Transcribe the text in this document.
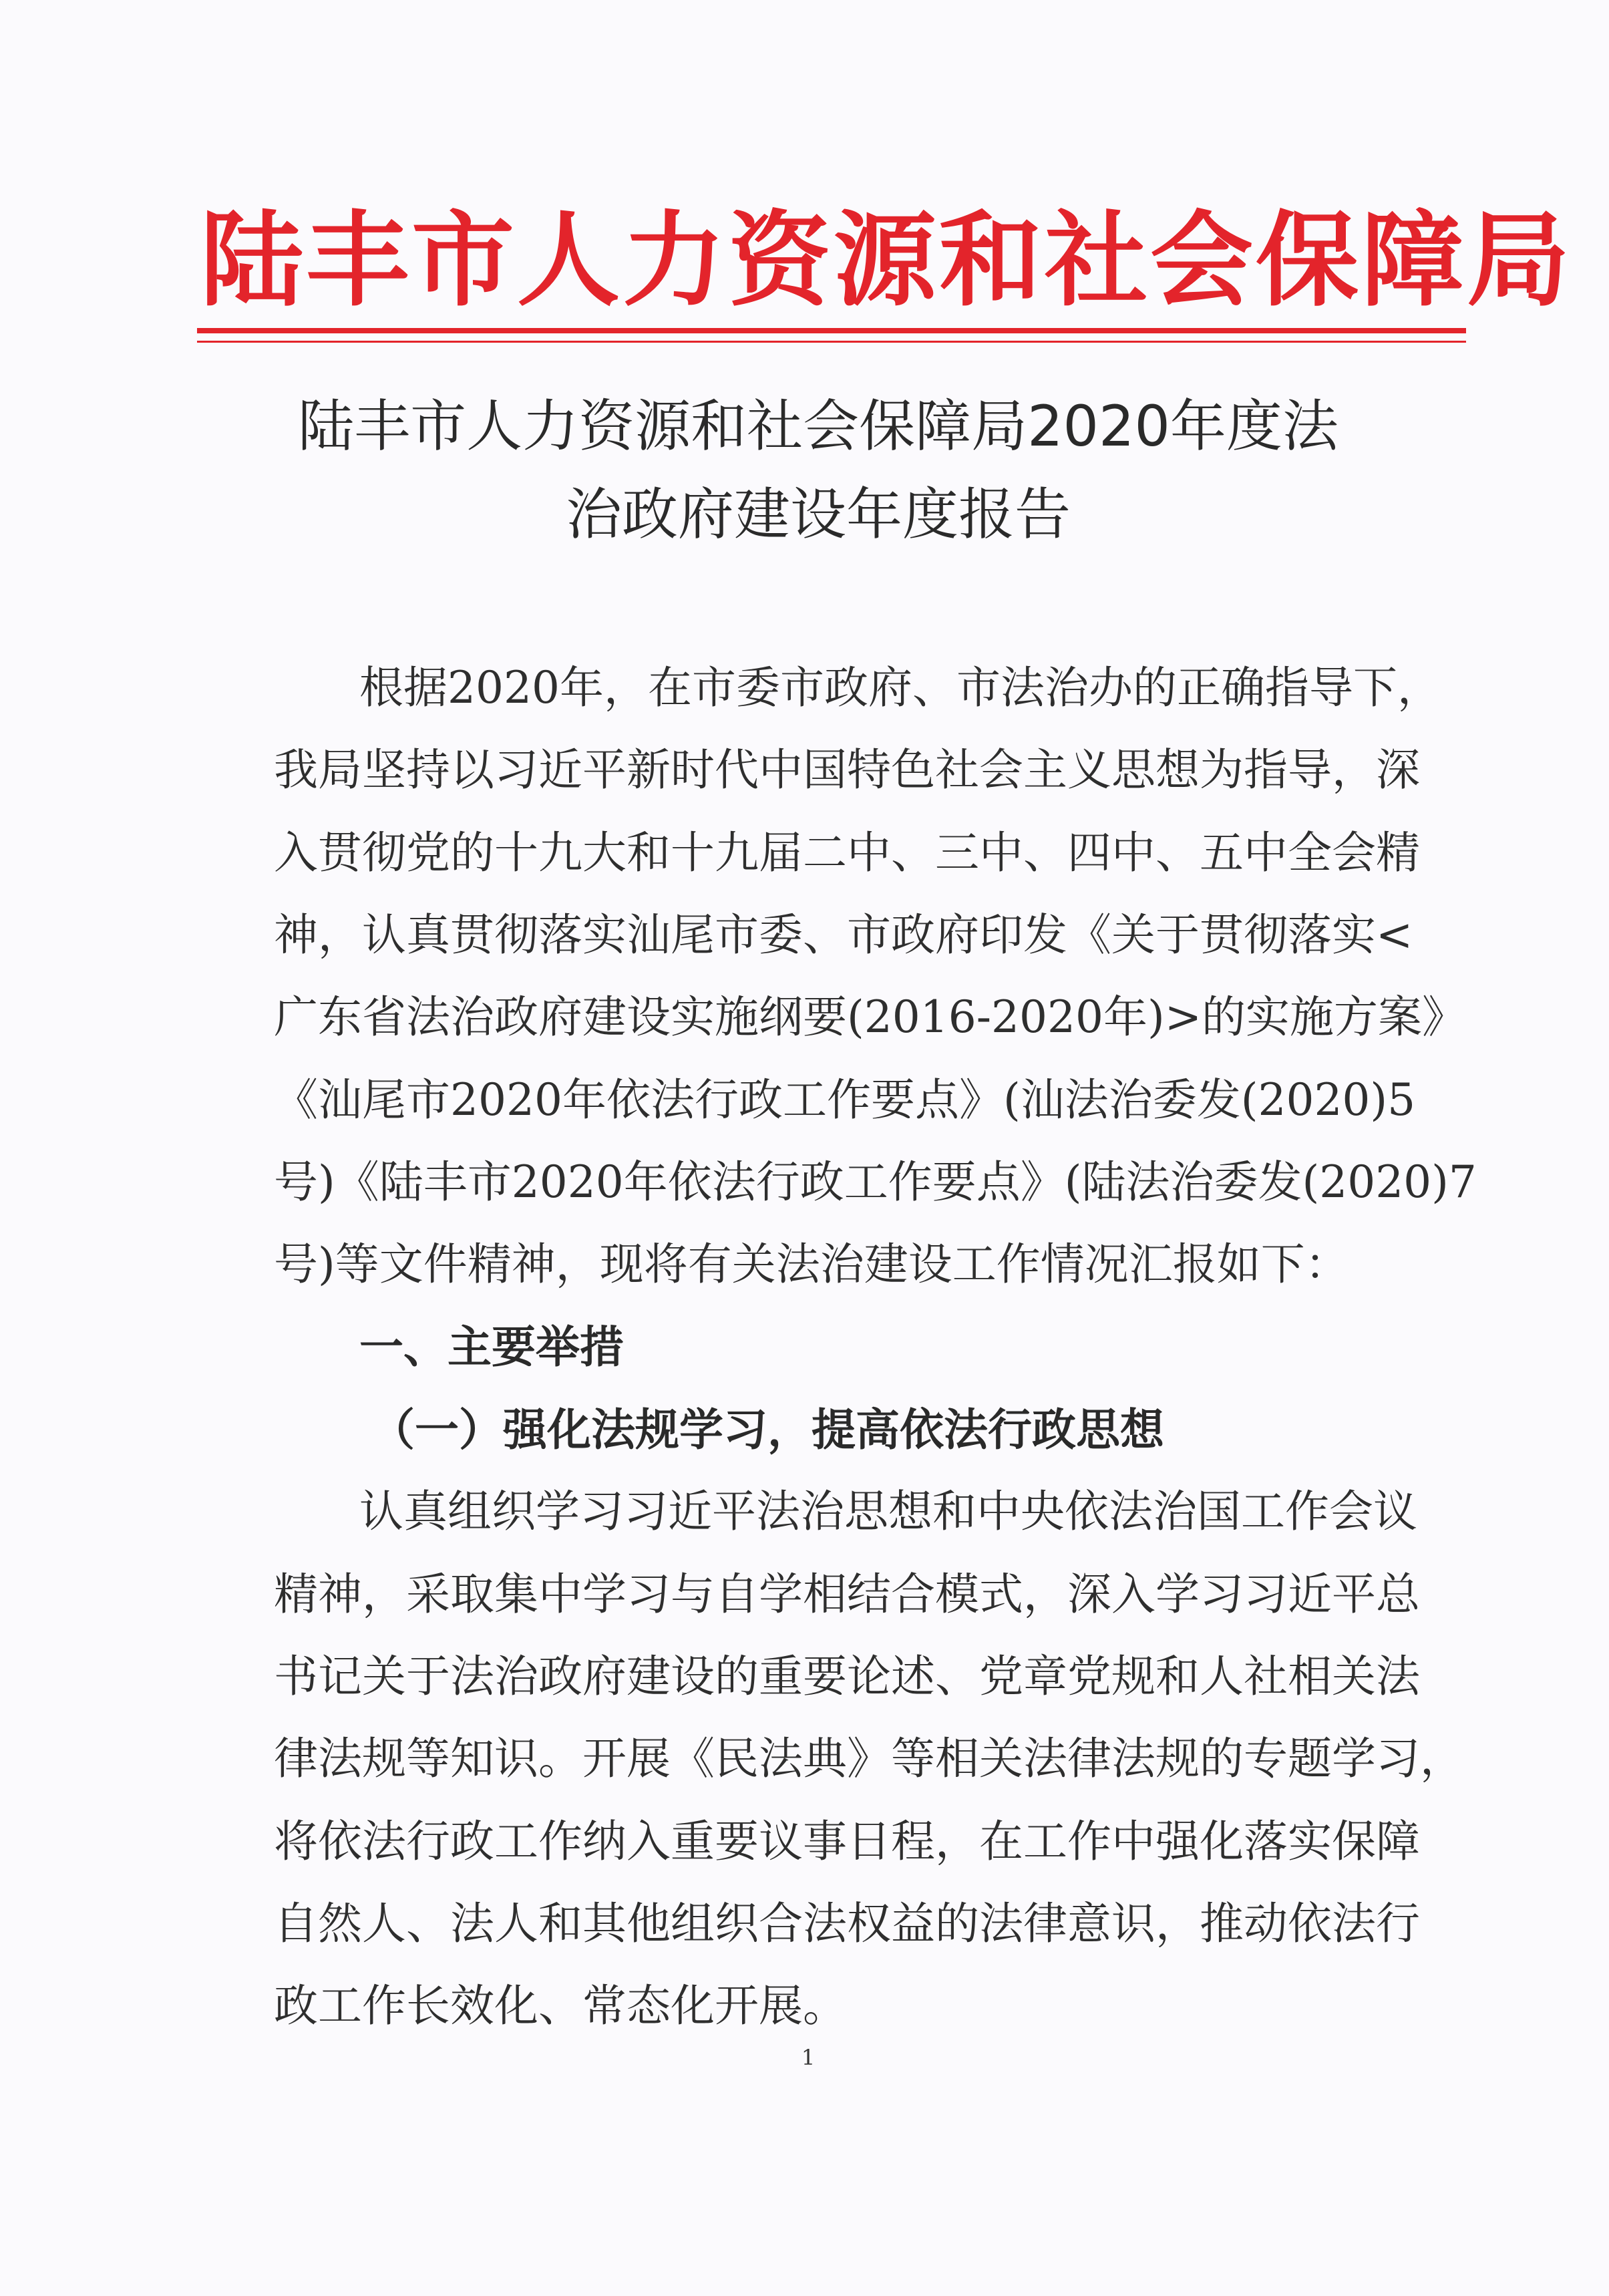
陆丰市人力资源和社会保障局
陆丰市人力资源和社会保障局2020年度法
治政府建设年度报告
根据2020年，在市委市政府、市法治办的正确指导下，
我局坚持以习近平新时代中国特色社会主义思想为指导，深
入贯彻党的十九大和十九届二中、三中、四中、五中全会精
神，认真贯彻落实汕尾市委、市政府印发《关于贯彻落实<
广东省法治政府建设实施纲要(2016-2020年)>的实施方案》
《汕尾市2020年依法行政工作要点》(汕法治委发(2020)5
号)《陆丰市2020年依法行政工作要点》(陆法治委发(2020)7
号)等文件精神，现将有关法治建设工作情况汇报如下：
一、主要举措
（一）强化法规学习，提高依法行政思想
认真组织学习习近平法治思想和中央依法治国工作会议
精神，采取集中学习与自学相结合模式，深入学习习近平总
书记关于法治政府建设的重要论述、党章党规和人社相关法
律法规等知识。开展《民法典》等相关法律法规的专题学习，
将依法行政工作纳入重要议事日程，在工作中强化落实保障
自然人、法人和其他组织合法权益的法律意识，推动依法行
政工作长效化、常态化开展。
1
